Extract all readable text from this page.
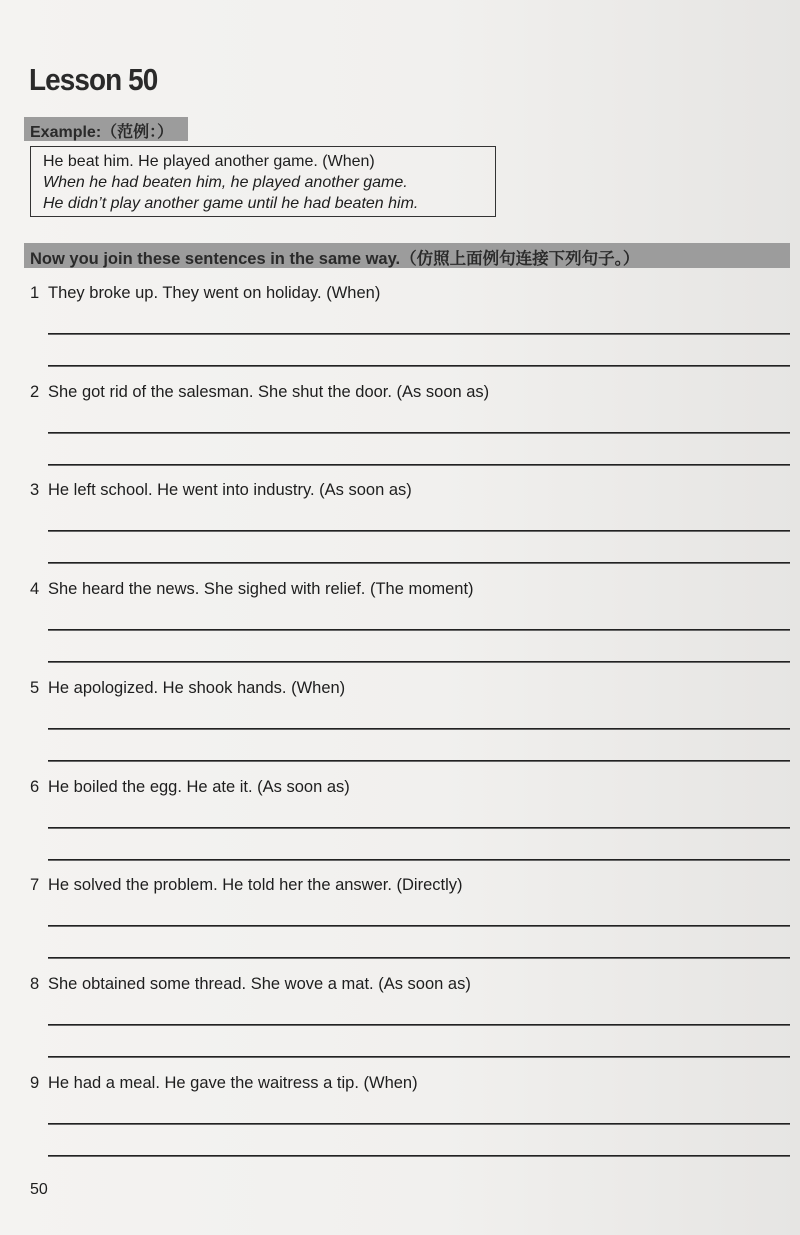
Lesson 50
Example:（范例：）
He beat him. He played another game. (When)
When he had beaten him, he played another game.
He didn’t play another game until he had beaten him.
Now you join these sentences in the same way.（仿照上面例句连接下列句子。）
1 They broke up. They went on holiday. (When)
2 She got rid of the salesman. She shut the door. (As soon as)
3 He left school. He went into industry. (As soon as)
4 She heard the news. She sighed with relief. (The moment)
5 He apologized. He shook hands. (When)
6 He boiled the egg. He ate it. (As soon as)
7 He solved the problem. He told her the answer. (Directly)
8 She obtained some thread. She wove a mat. (As soon as)
9 He had a meal. He gave the waitress a tip. (When)
50
